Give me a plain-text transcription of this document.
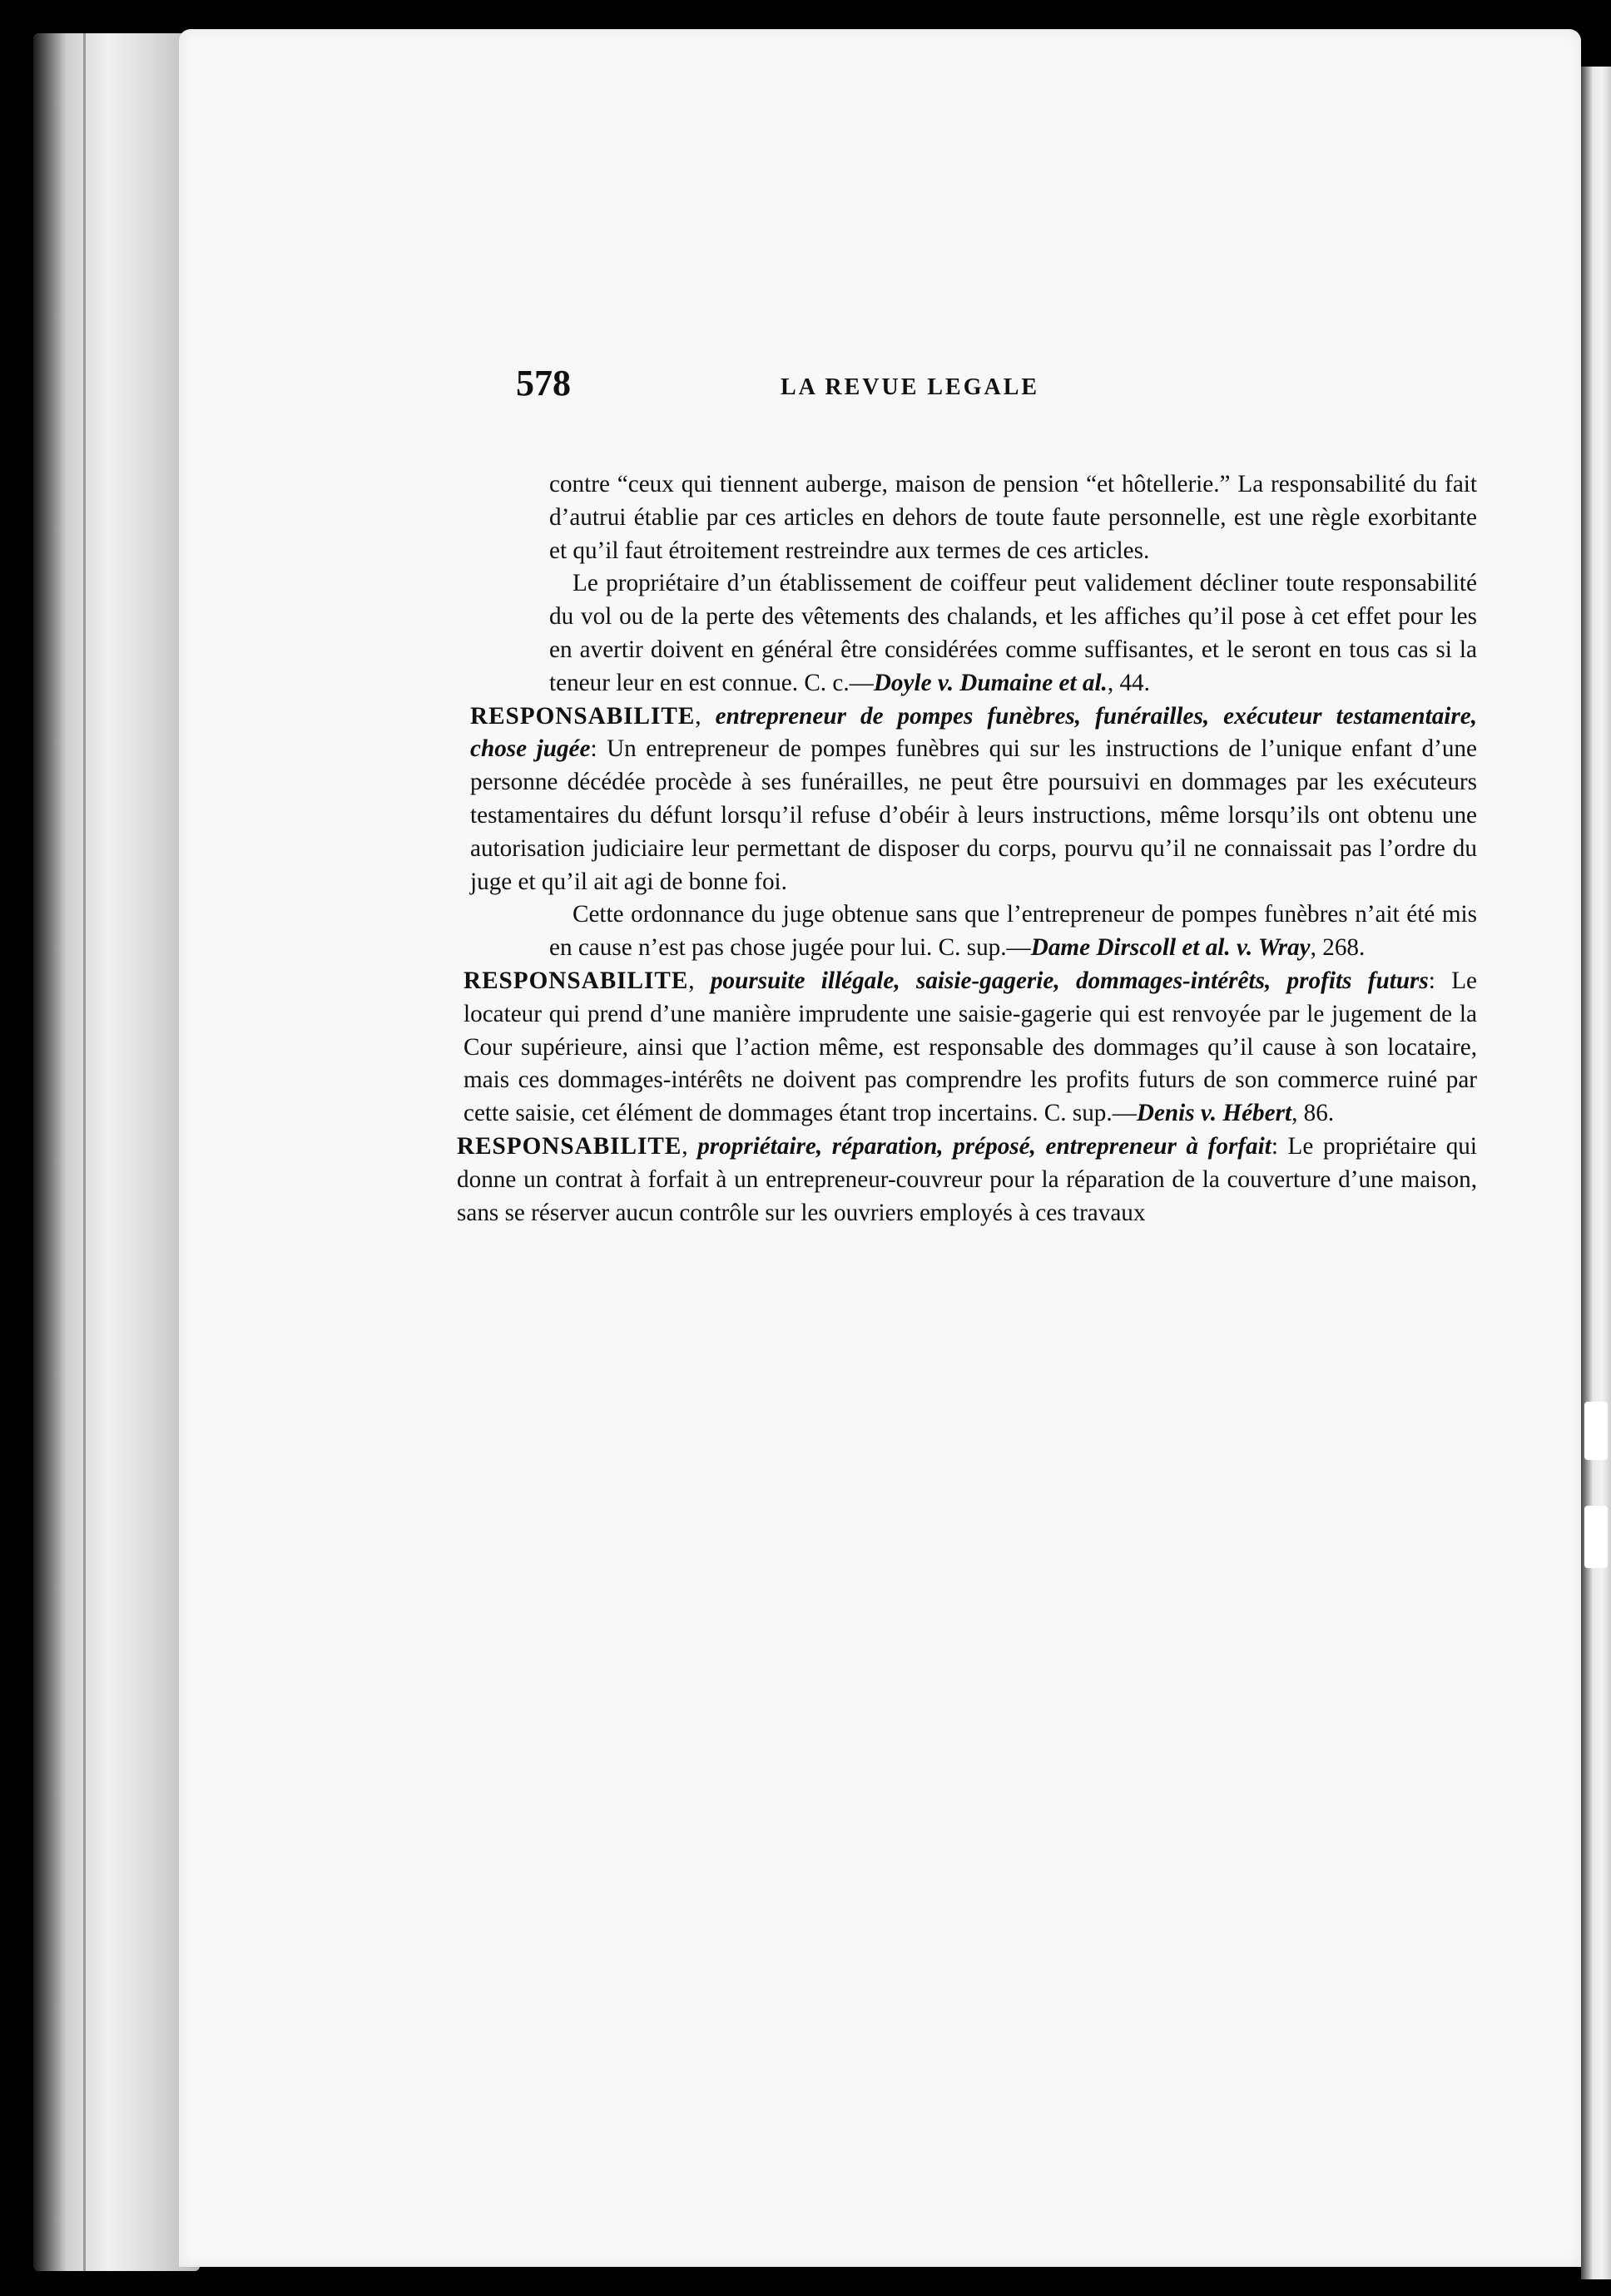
578	LA REVUE LEGALE

contre “ceux qui tiennent auberge, maison de pension “et hôtellerie.” La responsabilité du fait d’autrui établie par ces articles en dehors de toute faute personnelle, est une règle exorbitante et qu’il faut étroitement restreindre aux termes de ces articles.

Le propriétaire d’un établissement de coiffeur peut validement décliner toute responsabilité du vol ou de la perte des vêtements des chalands, et les affiches qu’il pose à cet effet pour les en avertir doivent en général être considérées comme suffisantes, et le seront en tous cas si la teneur leur en est connue. C. c.—Doyle v. Dumaine et al., 44.

RESPONSABILITE, entrepreneur de pompes funèbres, funérailles, exécuteur testamentaire, chose jugée: Un entrepreneur de pompes funèbres qui sur les instructions de l’unique enfant d’une personne décédée procède à ses funérailles, ne peut être poursuivi en dommages par les exécuteurs testamentaires du défunt lorsqu’il refuse d’obéir à leurs instructions, même lorsqu’ils ont obtenu une autorisation judiciaire leur permettant de disposer du corps, pourvu qu’il ne connaissait pas l’ordre du juge et qu’il ait agi de bonne foi.

Cette ordonnance du juge obtenue sans que l’entrepreneur de pompes funèbres n’ait été mis en cause n’est pas chose jugée pour lui. C. sup.—Dame Dirscoll et al. v. Wray, 268.

RESPONSABILITE, poursuite illégale, saisie-gagerie, dommages-intérêts, profits futurs: Le locateur qui prend d’une manière imprudente une saisie-gagerie qui est renvoyée par le jugement de la Cour supérieure, ainsi que l’action même, est responsable des dommages qu’il cause à son locataire, mais ces dommages-intérêts ne doivent pas comprendre les profits futurs de son commerce ruiné par cette saisie, cet élément de dommages étant trop incertains. C. sup.—Denis v. Hébert, 86.

RESPONSABILITE, propriétaire, réparation, préposé, entrepreneur à forfait: Le propriétaire qui donne un contrat à forfait à un entrepreneur-couvreur pour la réparation de la couverture d’une maison, sans se réserver aucun contrôle sur les ouvriers employés à ces travaux
